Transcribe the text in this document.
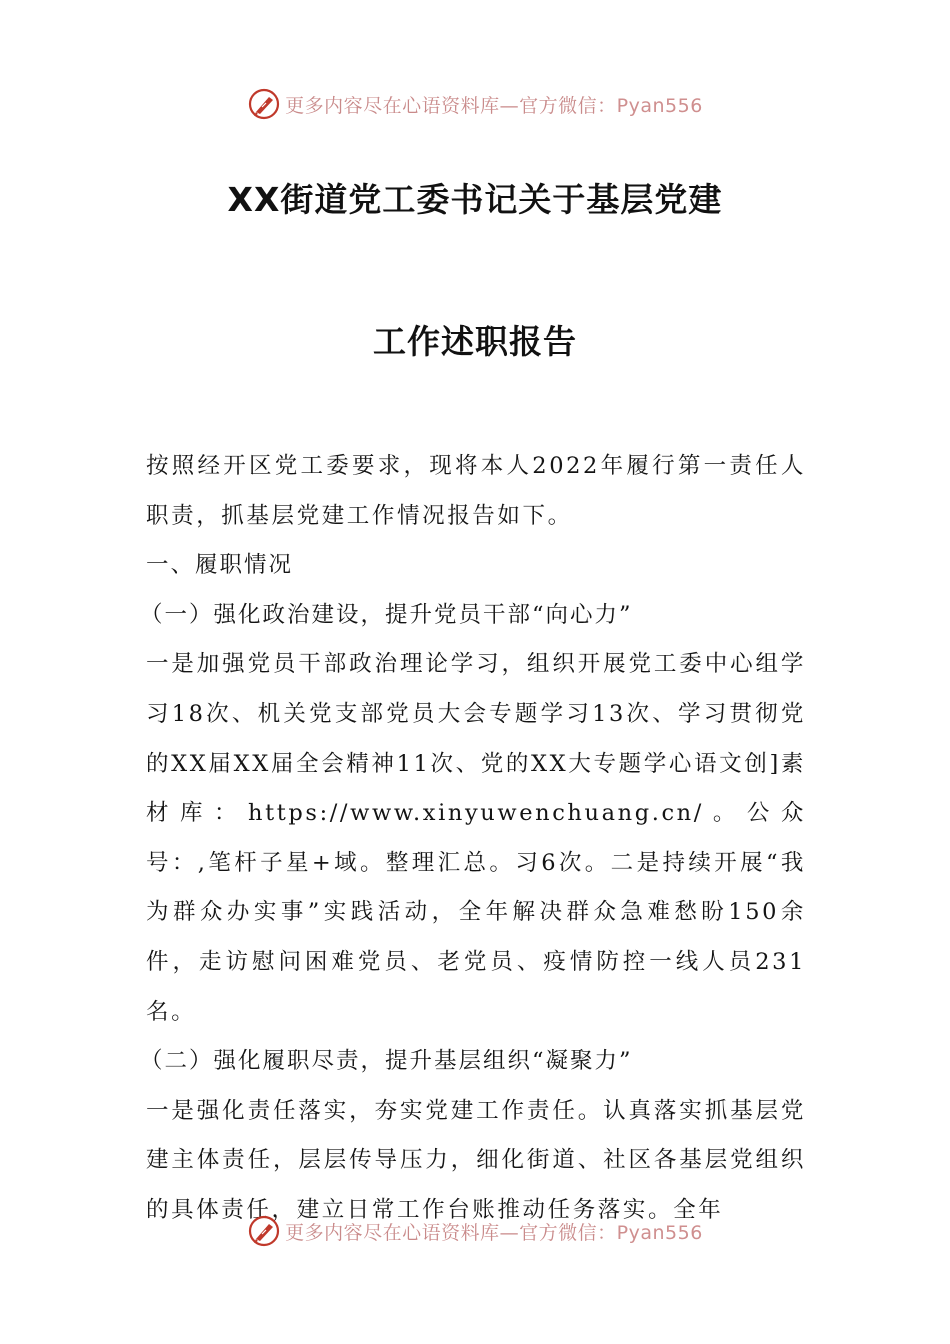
更多内容尽在心语资料库—官方微信：Pyan556
XX街道党工委书记关于基层党建
工作述职报告

按照经开区党工委要求，现将本人2022年履行第一责任人职责，抓基层党建工作情况报告如下。

一、履职情况

（一）强化政治建设，提升党员干部“向心力”

一是加强党员干部政治理论学习，组织开展党工委中心组学习18次、机关党支部党员大会专题学习13次、学习贯彻党的XX届XX届全会精神11次、党的XX大专题学心语文创]素材库：https://www.xinyuwenchuang.cn/。公众号：,笔杆子星+域。整理汇总。习6次。二是持续开展“我为群众办实事”实践活动，全年解决群众急难愁盼150余件，走访慰问困难党员、老党员、疫情防控一线人员231名。

（二）强化履职尽责，提升基层组织“凝聚力”

一是强化责任落实，夯实党建工作责任。认真落实抓基层党建主体责任，层层传导压力，细化街道、社区各基层党组织的具体责任，建立日常工作台账推动任务落实。全年

更多内容尽在心语资料库—官方微信：Pyan556
